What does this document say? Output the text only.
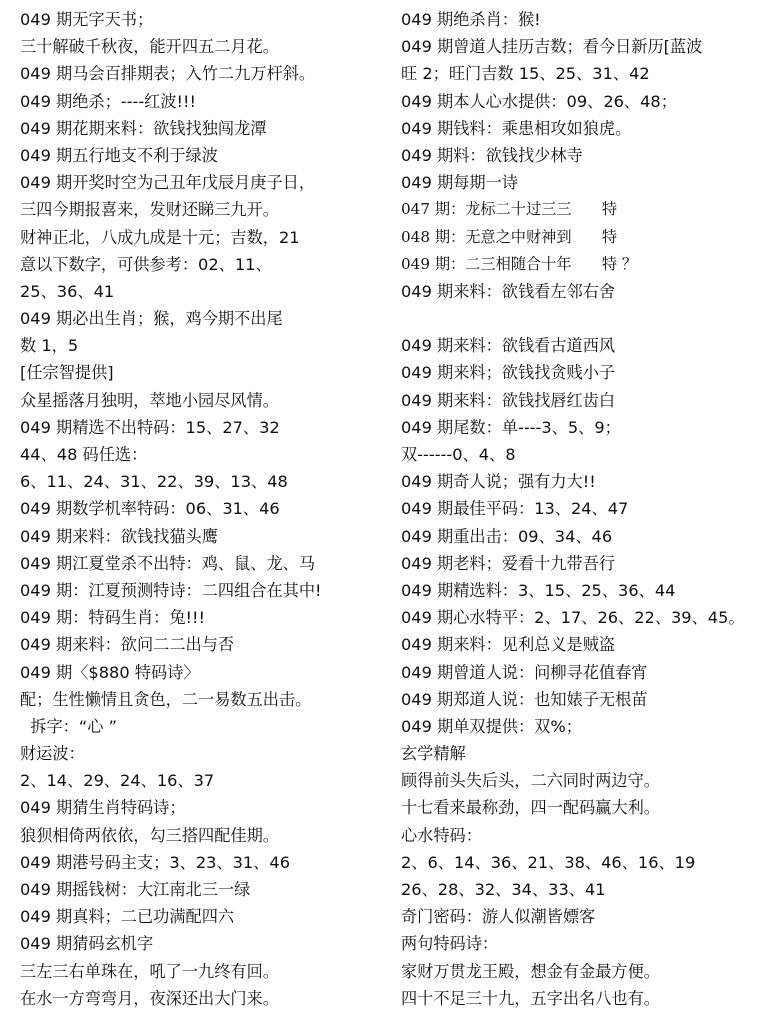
049 期无字天书；
三十解破千秋夜，能开四五二月花。
049 期马会百排期表；入竹二九万杆斜。
049 期绝杀；----红波!!!
049 期花期来料：欲钱找独闯龙潭
049 期五行地支不利于绿波
049 期开奖时空为己丑年戊辰月庚子日，
三四今期报喜来，发财还睇三九开。
财神正北，八成九成是十元；吉数，21
意以下数字，可供参考：02、11、
25、36、41
049 期必出生肖；猴，鸡今期不出尾
数 1，5
[任宗智提供]
众星摇落月独明，萃地小园尽风情。
049 期精选不出特码：15、27、32
44、48 码任选：
6、11、24、31、22、39、13、48
049 期数学机率特码：06、31、46
049 期来料：欲钱找猫头鹰
049 期江夏堂杀不出特：鸡、鼠、龙、马
049 期：江夏预测特诗：二四组合在其中!
049 期：特码生肖：兔!!!
049 期来料：欲问二二出与否
049 期〈$880 特码诗〉
配；生性懒情且贪色，二一易数五出击。
拆字：“心 ”
财运波：
2、14、29、24、16、37
049 期猜生肖特码诗；
狼狈相倚两依依，勾三搭四配佳期。
049 期港号码主支；3、23、31、46
049 期摇钱树：大江南北三一绿
049 期真料；二已功满配四六
049 期猜码玄机字
三左三右单珠在，吼了一九终有回。
在水一方弯弯月，夜深还出大门来。
049 期绝杀肖：猴!
049 期曾道人挂历吉数；看今日新历[蓝波
旺 2；旺门吉数 15、25、31、42
049 期本人心水提供：09、26、48；
049 期钱料：乘患相攻如狼虎。
049 期料：欲钱找少林寺
049 期每期一诗
047 期：龙标二十过三三　　特
048 期：无意之中财神到　　特
049 期：二三相随合十年　　特 ？
049 期来料：欲钱看左邻右舍
049 期来料：欲钱看古道西风
049 期来料；欲钱找贪贱小子
049 期来料：欲钱找唇红齿白
049 期尾数：单----3、5、9；
双------0、4、8
049 期奇人说；强有力大!!
049 期最佳平码：13、24、47
049 期重出击：09、34、46
049 期老料；爱看十九带吾行
049 期精选料：3、15、25、36、44
049 期心水特平：2、17、26、22、39、45。
049 期来料：见利总义是贼盗
049 期曾道人说：问柳寻花值春宵
049 期郑道人说：也知婊子无根苗
049 期单双提供：双%；
玄学精解
顾得前头失后头，二六同时两边守。
十七看来最称劲，四一配码赢大利。
心水特码：
2、6、14、36、21、38、46、16、19
26、28、32、34、33、41
奇门密码：游人似潮皆嫖客
两句特码诗：
家财万贯龙王殿，想金有金最方便。
四十不足三十九，五字出名八也有。
